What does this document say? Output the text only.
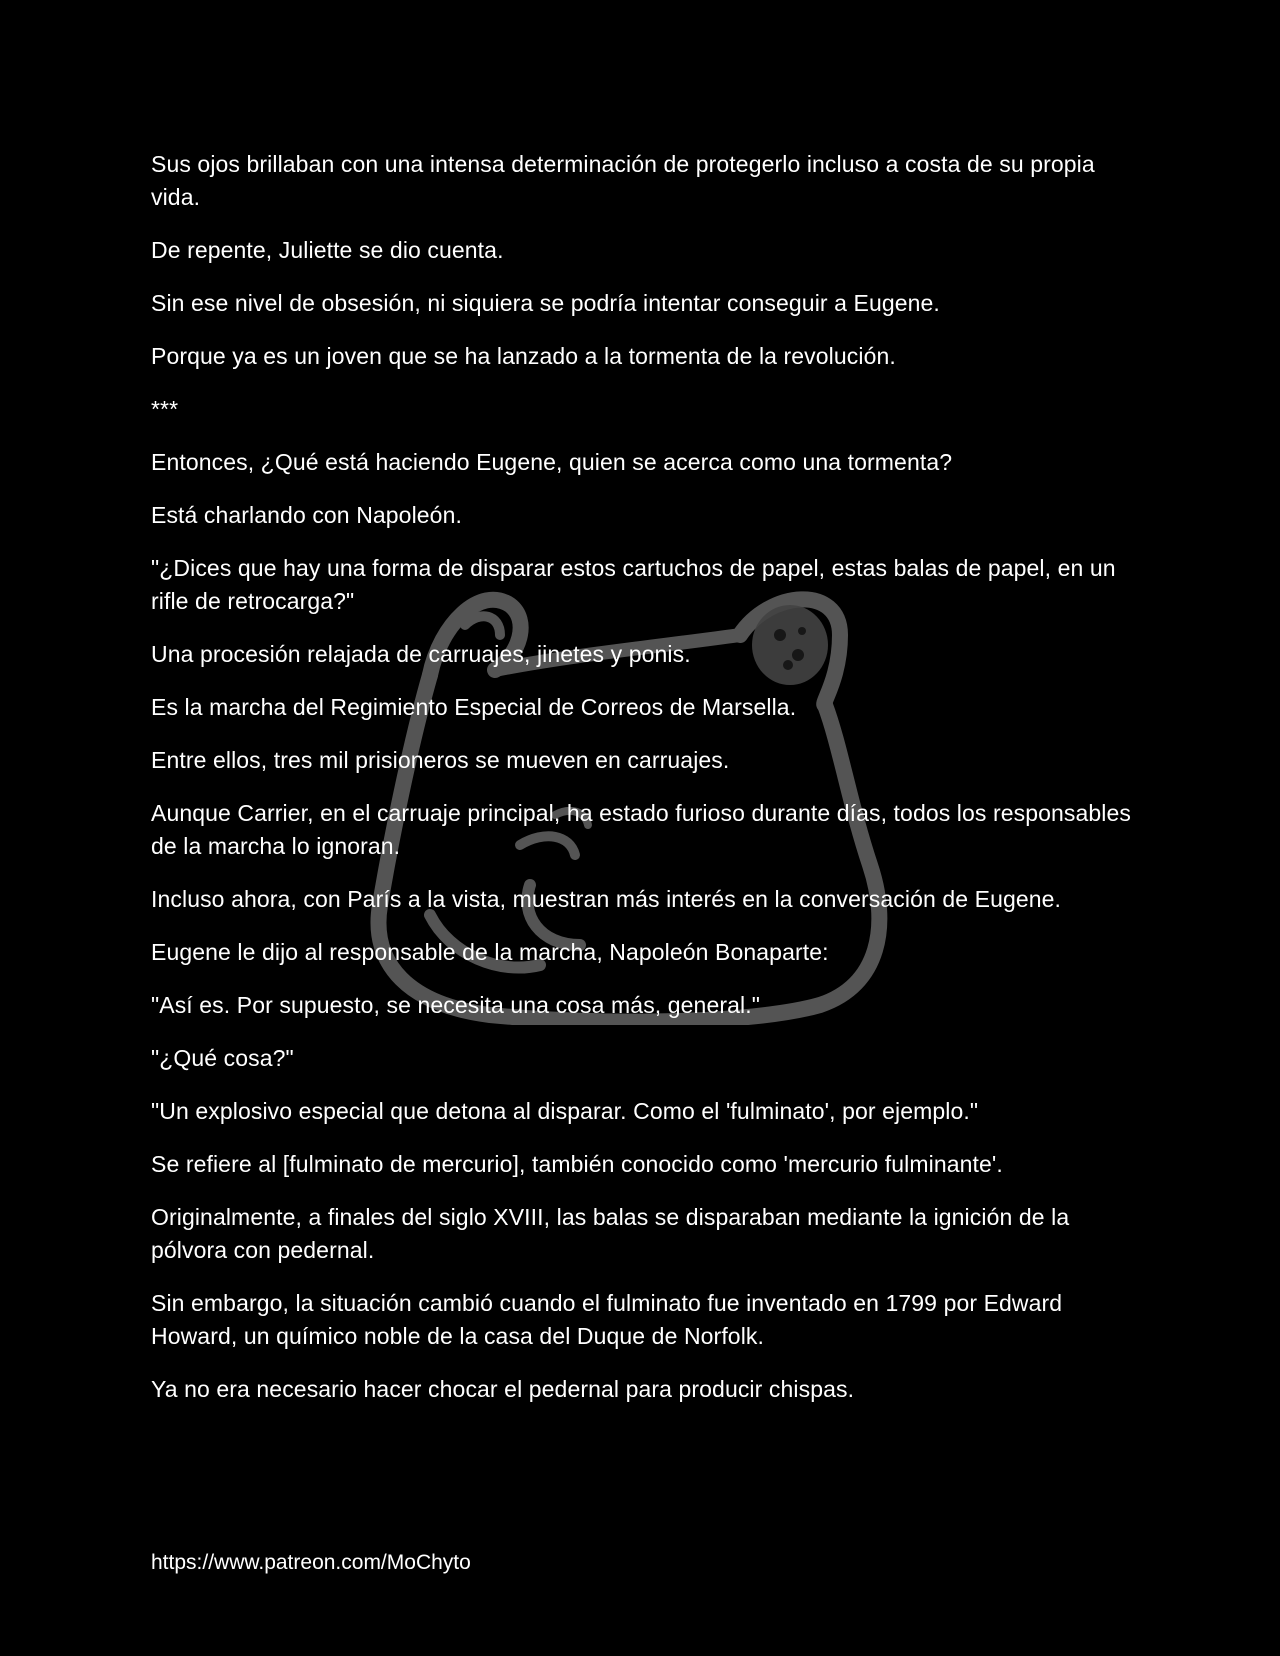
Sus ojos brillaban con una intensa determinación de protegerlo incluso a costa de su propia vida.

De repente, Juliette se dio cuenta.

Sin ese nivel de obsesión, ni siquiera se podría intentar conseguir a Eugene.

Porque ya es un joven que se ha lanzado a la tormenta de la revolución.

***

Entonces, ¿Qué está haciendo Eugene, quien se acerca como una tormenta?

Está charlando con Napoleón.

"¿Dices que hay una forma de disparar estos cartuchos de papel, estas balas de papel, en un rifle de retrocarga?"

Una procesión relajada de carruajes, jinetes y ponis.

Es la marcha del Regimiento Especial de Correos de Marsella.

Entre ellos, tres mil prisioneros se mueven en carruajes.

Aunque Carrier, en el carruaje principal, ha estado furioso durante días, todos los responsables de la marcha lo ignoran.

Incluso ahora, con París a la vista, muestran más interés en la conversación de Eugene.

Eugene le dijo al responsable de la marcha, Napoleón Bonaparte:

"Así es. Por supuesto, se necesita una cosa más, general."

"¿Qué cosa?"

"Un explosivo especial que detona al disparar. Como el 'fulminato', por ejemplo."

Se refiere al [fulminato de mercurio], también conocido como 'mercurio fulminante'.

Originalmente, a finales del siglo XVIII, las balas se disparaban mediante la ignición de la pólvora con pedernal.

Sin embargo, la situación cambió cuando el fulminato fue inventado en 1799 por Edward Howard, un químico noble de la casa del Duque de Norfolk.

Ya no era necesario hacer chocar el pedernal para producir chispas.

https://www.patreon.com/MoChyto
